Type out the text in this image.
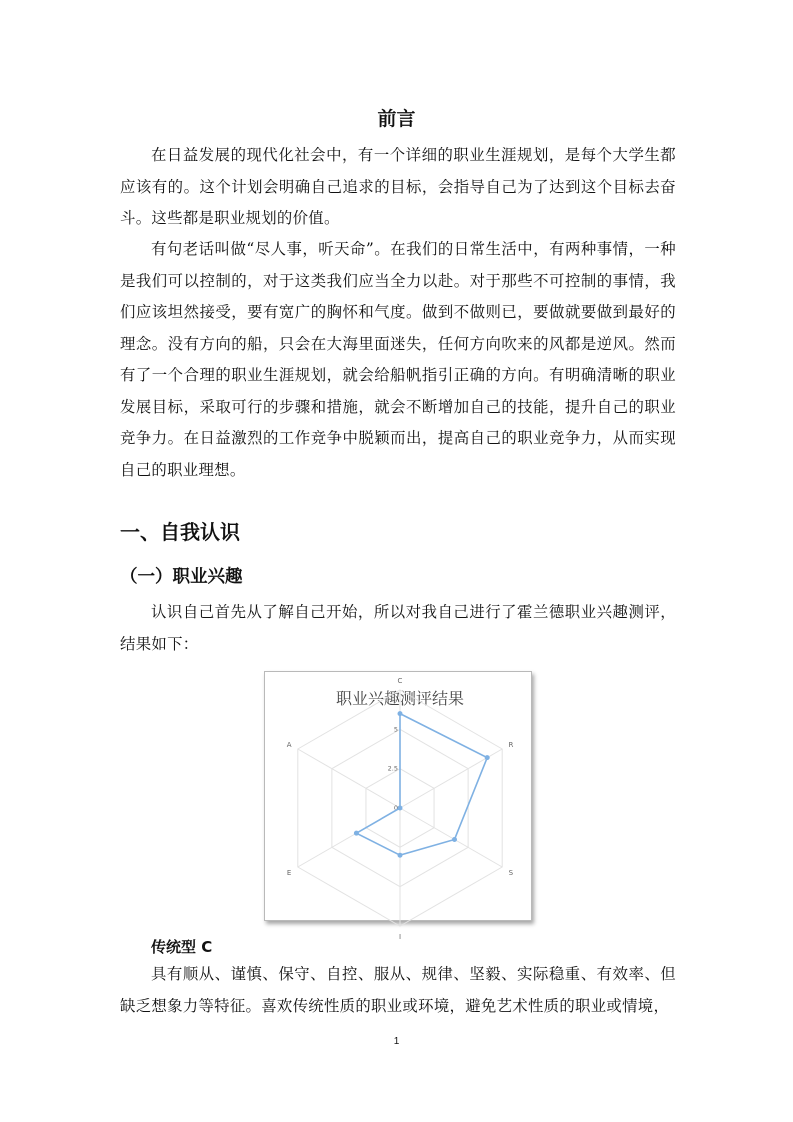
前言

在日益发展的现代化社会中，有一个详细的职业生涯规划，是每个大学生都应该有的。这个计划会明确自己追求的目标，会指导自己为了达到这个目标去奋斗。这些都是职业规划的价值。

有句老话叫做“尽人事，听天命”。在我们的日常生活中，有两种事情，一种是我们可以控制的，对于这类我们应当全力以赴。对于那些不可控制的事情，我们应该坦然接受，要有宽广的胸怀和气度。做到不做则已，要做就要做到最好的理念。没有方向的船，只会在大海里面迷失，任何方向吹来的风都是逆风。然而有了一个合理的职业生涯规划，就会给船帆指引正确的方向。有明确清晰的职业发展目标，采取可行的步骤和措施，就会不断增加自己的技能，提升自己的职业竞争力。在日益激烈的工作竞争中脱颖而出，提高自己的职业竞争力，从而实现自己的职业理想。

一、自我认识
（一）职业兴趣

认识自己首先从了解自己开始，所以对我自己进行了霍兰德职业兴趣测评，结果如下：

职业兴趣测评结果
C
R
S
I
E
A
0
2.5
5
传统型 C

具有顺从、谨慎、保守、自控、服从、规律、坚毅、实际稳重、有效率、但缺乏想象力等特征。喜欢传统性质的职业或环境，避免艺术性质的职业或情境，

1
